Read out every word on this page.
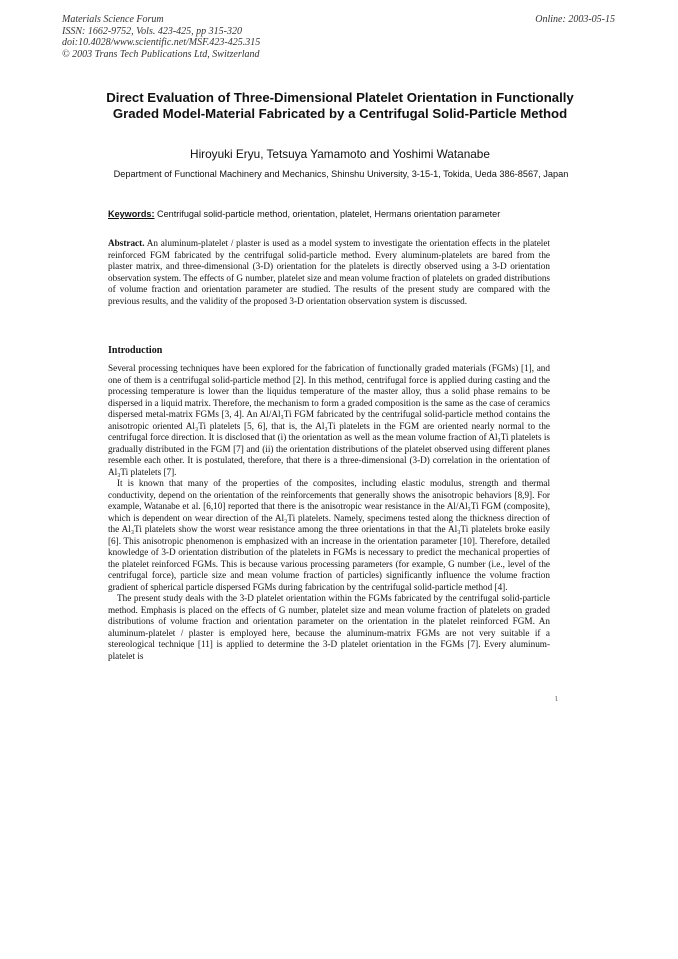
Materials Science Forum
ISSN: 1662-9752, Vols. 423-425, pp 315-320
doi:10.4028/www.scientific.net/MSF.423-425.315
© 2003 Trans Tech Publications Ltd, Switzerland
Online: 2003-05-15
Direct Evaluation of Three-Dimensional Platelet Orientation in Functionally Graded Model-Material Fabricated by a Centrifugal Solid-Particle Method
Hiroyuki Eryu, Tetsuya Yamamoto and Yoshimi Watanabe
Department of Functional Machinery and Mechanics, Shinshu University, 3-15-1, Tokida, Ueda 386-8567, Japan
Keywords: Centrifugal solid-particle method, orientation, platelet, Hermans orientation parameter
Abstract. An aluminum-platelet / plaster is used as a model system to investigate the orientation effects in the platelet reinforced FGM fabricated by the centrifugal solid-particle method. Every aluminum-platelets are bared from the plaster matrix, and three-dimensional (3-D) orientation for the platelets is directly observed using a 3-D orientation observation system. The effects of G number, platelet size and mean volume fraction of platelets on graded distributions of volume fraction and orientation parameter are studied. The results of the present study are compared with the previous results, and the validity of the proposed 3-D orientation observation system is discussed.
Introduction

Several processing techniques have been explored for the fabrication of functionally graded materials (FGMs) [1], and one of them is a centrifugal solid-particle method [2]. In this method, centrifugal force is applied during casting and the processing temperature is lower than the liquidus temperature of the master alloy, thus a solid phase remains to be dispersed in a liquid matrix. Therefore, the mechanism to form a graded composition is the same as the case of ceramics dispersed metal-matrix FGMs [3, 4]. An Al/Al₃Ti FGM fabricated by the centrifugal solid-particle method contains the anisotropic oriented Al₃Ti platelets [5, 6], that is, the Al₃Ti platelets in the FGM are oriented nearly normal to the centrifugal force direction. It is disclosed that (i) the orientation as well as the mean volume fraction of Al₃Ti platelets is gradually distributed in the FGM [7] and (ii) the orientation distributions of the platelet observed using different planes resemble each other. It is postulated, therefore, that there is a three-dimensional (3-D) correlation in the orientation of Al₃Ti platelets [7].

It is known that many of the properties of the composites, including elastic modulus, strength and thermal conductivity, depend on the orientation of the reinforcements that generally shows the anisotropic behaviors [8,9]. For example, Watanabe et al. [6,10] reported that there is the anisotropic wear resistance in the Al/Al₃Ti FGM (composite), which is dependent on wear direction of the Al₃Ti platelets. Namely, specimens tested along the thickness direction of the Al₃Ti platelets show the worst wear resistance among the three orientations in that the Al₃Ti platelets broke easily [6]. This anisotropic phenomenon is emphasized with an increase in the orientation parameter [10]. Therefore, detailed knowledge of 3-D orientation distribution of the platelets in FGMs is necessary to predict the mechanical properties of the platelet reinforced FGMs. This is because various processing parameters (for example, G number (i.e., level of the centrifugal force), particle size and mean volume fraction of particles) significantly influence the volume fraction gradient of spherical particle dispersed FGMs during fabrication by the centrifugal solid-particle method [4].

The present study deals with the 3-D platelet orientation within the FGMs fabricated by the centrifugal solid-particle method. Emphasis is placed on the effects of G number, platelet size and mean volume fraction of platelets on graded distributions of volume fraction and orientation parameter on the orientation in the platelet reinforced FGM. An aluminum-platelet / plaster is employed here, because the aluminum-matrix FGMs are not very suitable if a stereological technique [11] is applied to determine the 3-D platelet orientation in the FGMs [7]. Every aluminum-platelet is

ι
